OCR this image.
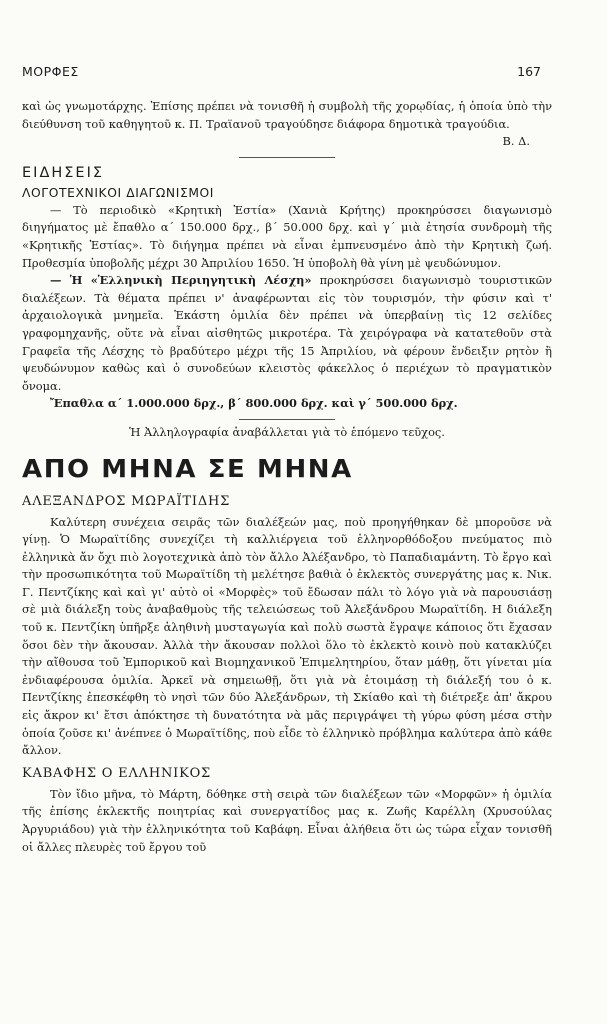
ΜΟΡΦΕΣ	167

καὶ ὡς γνωμοτάρχης. Ἐπίσης πρέπει νὰ τονισθῆ ἡ συμβολὴ τῆς χορῳδίας, ἡ ὁποία ὑπὸ τὴν διεύθυνση τοῦ καθηγητοῦ κ. Π. Τραϊανοῦ τραγούδησε διάφορα δημοτικὰ τραγούδια.

Β. Δ.

ΕΙΔΗΣΕΙΣ
ΛΟΓΟΤΕΧΝΙΚΟΙ ΔΙΑΓΩΝΙΣΜΟΙ

— Τὸ περιοδικὸ «Κρητικὴ Ἑστία» (Χανιὰ Κρήτης) προκηρύσσει διαγωνισμὸ διηγήματος μὲ ἔπαθλο α΄ 150.000 δρχ., β΄ 50.000 δρχ. καὶ γ΄ μιὰ ἐτησία συνδρομὴ τῆς «Κρητικῆς Ἑστίας». Τὸ διήγημα πρέπει νὰ εἶναι ἐμπνευσμένο ἀπὸ τὴν Κρητικὴ ζωή. Προθεσμία ὑποβολῆς μέχρι 30 Ἀπριλίου 1650. Ἡ ὑποβολὴ θὰ γίνη μὲ ψευδώνυμον.

— Ἡ «Ἑλληνικὴ Περιηγητικὴ Λέσχη» προκηρύσσει διαγωνισμὸ τουριστικῶν διαλέξεων. Τὰ θέματα πρέπει ν' ἀναφέρωνται εἰς τὸν τουρισμόν, τὴν φύσιν καὶ τ' ἀρχαιολογικὰ μνημεῖα. Ἑκάστη ὁμιλία δὲν πρέπει νὰ ὑπερβαίνῃ τὶς 12 σελίδες γραφομηχανῆς, οὔτε νὰ εἶναι αἰσθητῶς μικροτέρα. Τὰ χειρόγραφα νὰ κατατεθοῦν στὰ Γραφεῖα τῆς Λέσχης τὸ βραδύτερο μέχρι τῆς 15 Ἀπριλίου, νὰ φέρουν ἔνδειξιν ρητὸν ἢ ψευδώνυμον καθὼς καὶ ὁ συνοδεύων κλειστὸς φάκελλος ὁ περιέχων τὸ πραγματικὸν ὄνομα.

Ἔπαθλα α΄ 1.000.000 δρχ., β΄ 800.000 δρχ. καὶ γ΄ 500.000 δρχ.

Ἡ Ἀλληλογραφία ἀναβάλλεται γιὰ τὸ ἑπόμενο τεῦχος.

ΑΠΟ ΜΗΝΑ ΣΕ ΜΗΝΑ
ΑΛΕΞΑΝΔΡΟΣ ΜΩΡΑΪΤΙΔΗΣ

Καλύτερη συνέχεια σειρᾶς τῶν διαλέξεών μας, ποὺ προηγήθηκαν δὲ μποροῦσε νὰ γίνῃ. Ὁ Μωραϊτίδης συνεχίζει τὴ καλλιέργεια τοῦ ἑλληνορθόδοξου πνεύματος πιὸ ἐλληνικὰ ἄν ὄχι πιὸ λογοτεχνικὰ ἀπὸ τὸν ἄλλο Ἀλέξανδρο, τὸ Παπαδιαμάντη. Τὸ ἔργο καὶ τὴν προσωπικότητα τοῦ Μωραϊτίδη τὴ μελέτησε βαθιὰ ὁ ἐκλεκτὸς συνεργάτης μας κ. Νικ. Γ. Πεντζίκης καὶ καὶ γι' αὐτὸ οἱ «Μορφὲς» τοῦ ἔδωσαν πάλι τὸ λόγο γιὰ νὰ παρουσιάσῃ σὲ μιὰ διάλεξη τοὺς ἀναβαθμοὺς τῆς τελειώσεως τοῦ Ἀλεξάνδρου Μωραϊτίδη. Η διάλεξη τοῦ κ. Πεντζίκη ὑπῆρξε ἀληθινὴ μυσταγωγία καὶ πολὺ σωστὰ ἔγραψε κάποιος ὅτι ἔχασαν ὅσοι δὲν τὴν ἄκουσαν. Ἀλλὰ τὴν ἄκουσαν πολλοὶ ὅλο τὸ ἐκλεκτὸ κοινὸ ποὺ κατακλύζει τὴν αἴθουσα τοῦ Ἐμπορικοῦ καὶ Βιομηχανικοῦ Ἐπιμελητηρίου, ὅταν μάθῃ, ὅτι γίνεται μία ἐνδιαφέρουσα ὁμιλία. Ἀρκεῖ νὰ σημειωθῇ, ὅτι γιὰ νὰ ἑτοιμάσῃ τὴ διάλεξή του ὁ κ. Πεντζίκης ἐπεσκέφθη τὸ νησὶ τῶν δύο Ἀλεξάνδρων, τὴ Σκίαθο καὶ τὴ διέτρεξε ἀπ' ἄκρου εἰς ἄκρον κι' ἔτσι ἀπόκτησε τὴ δυνατότητα νὰ μᾶς περιγράψει τὴ γύρω φύση μέσα στὴν ὁποία ζοῦσε κι' ἀνέπνεε ὁ Μωραϊτίδης, ποὺ εἶδε τὸ ἑλληνικὸ πρόβλημα καλύτερα ἀπὸ κάθε ἄλλον.

ΚΑΒΑΦΗΣ Ο ΕΛΛΗΝΙΚΟΣ

Τὸν ἴδιο μῆνα, τὸ Μάρτη, δόθηκε στὴ σειρὰ τῶν διαλέξεων τῶν «Μορφῶν» ἡ ὁμιλία τῆς ἐπίσης ἐκλεκτῆς ποιητρίας καὶ συνεργατίδος μας κ. Ζωῆς Καρέλλη (Χρυσούλας Ἀργυριάδου) γιὰ τὴν ἑλληνικότητα τοῦ Καβάφη. Εἶναι ἀλήθεια ὅτι ὡς τώρα εἶχαν τονισθῆ οἱ ἄλλες πλευρὲς τοῦ ἔργου τοῦ
